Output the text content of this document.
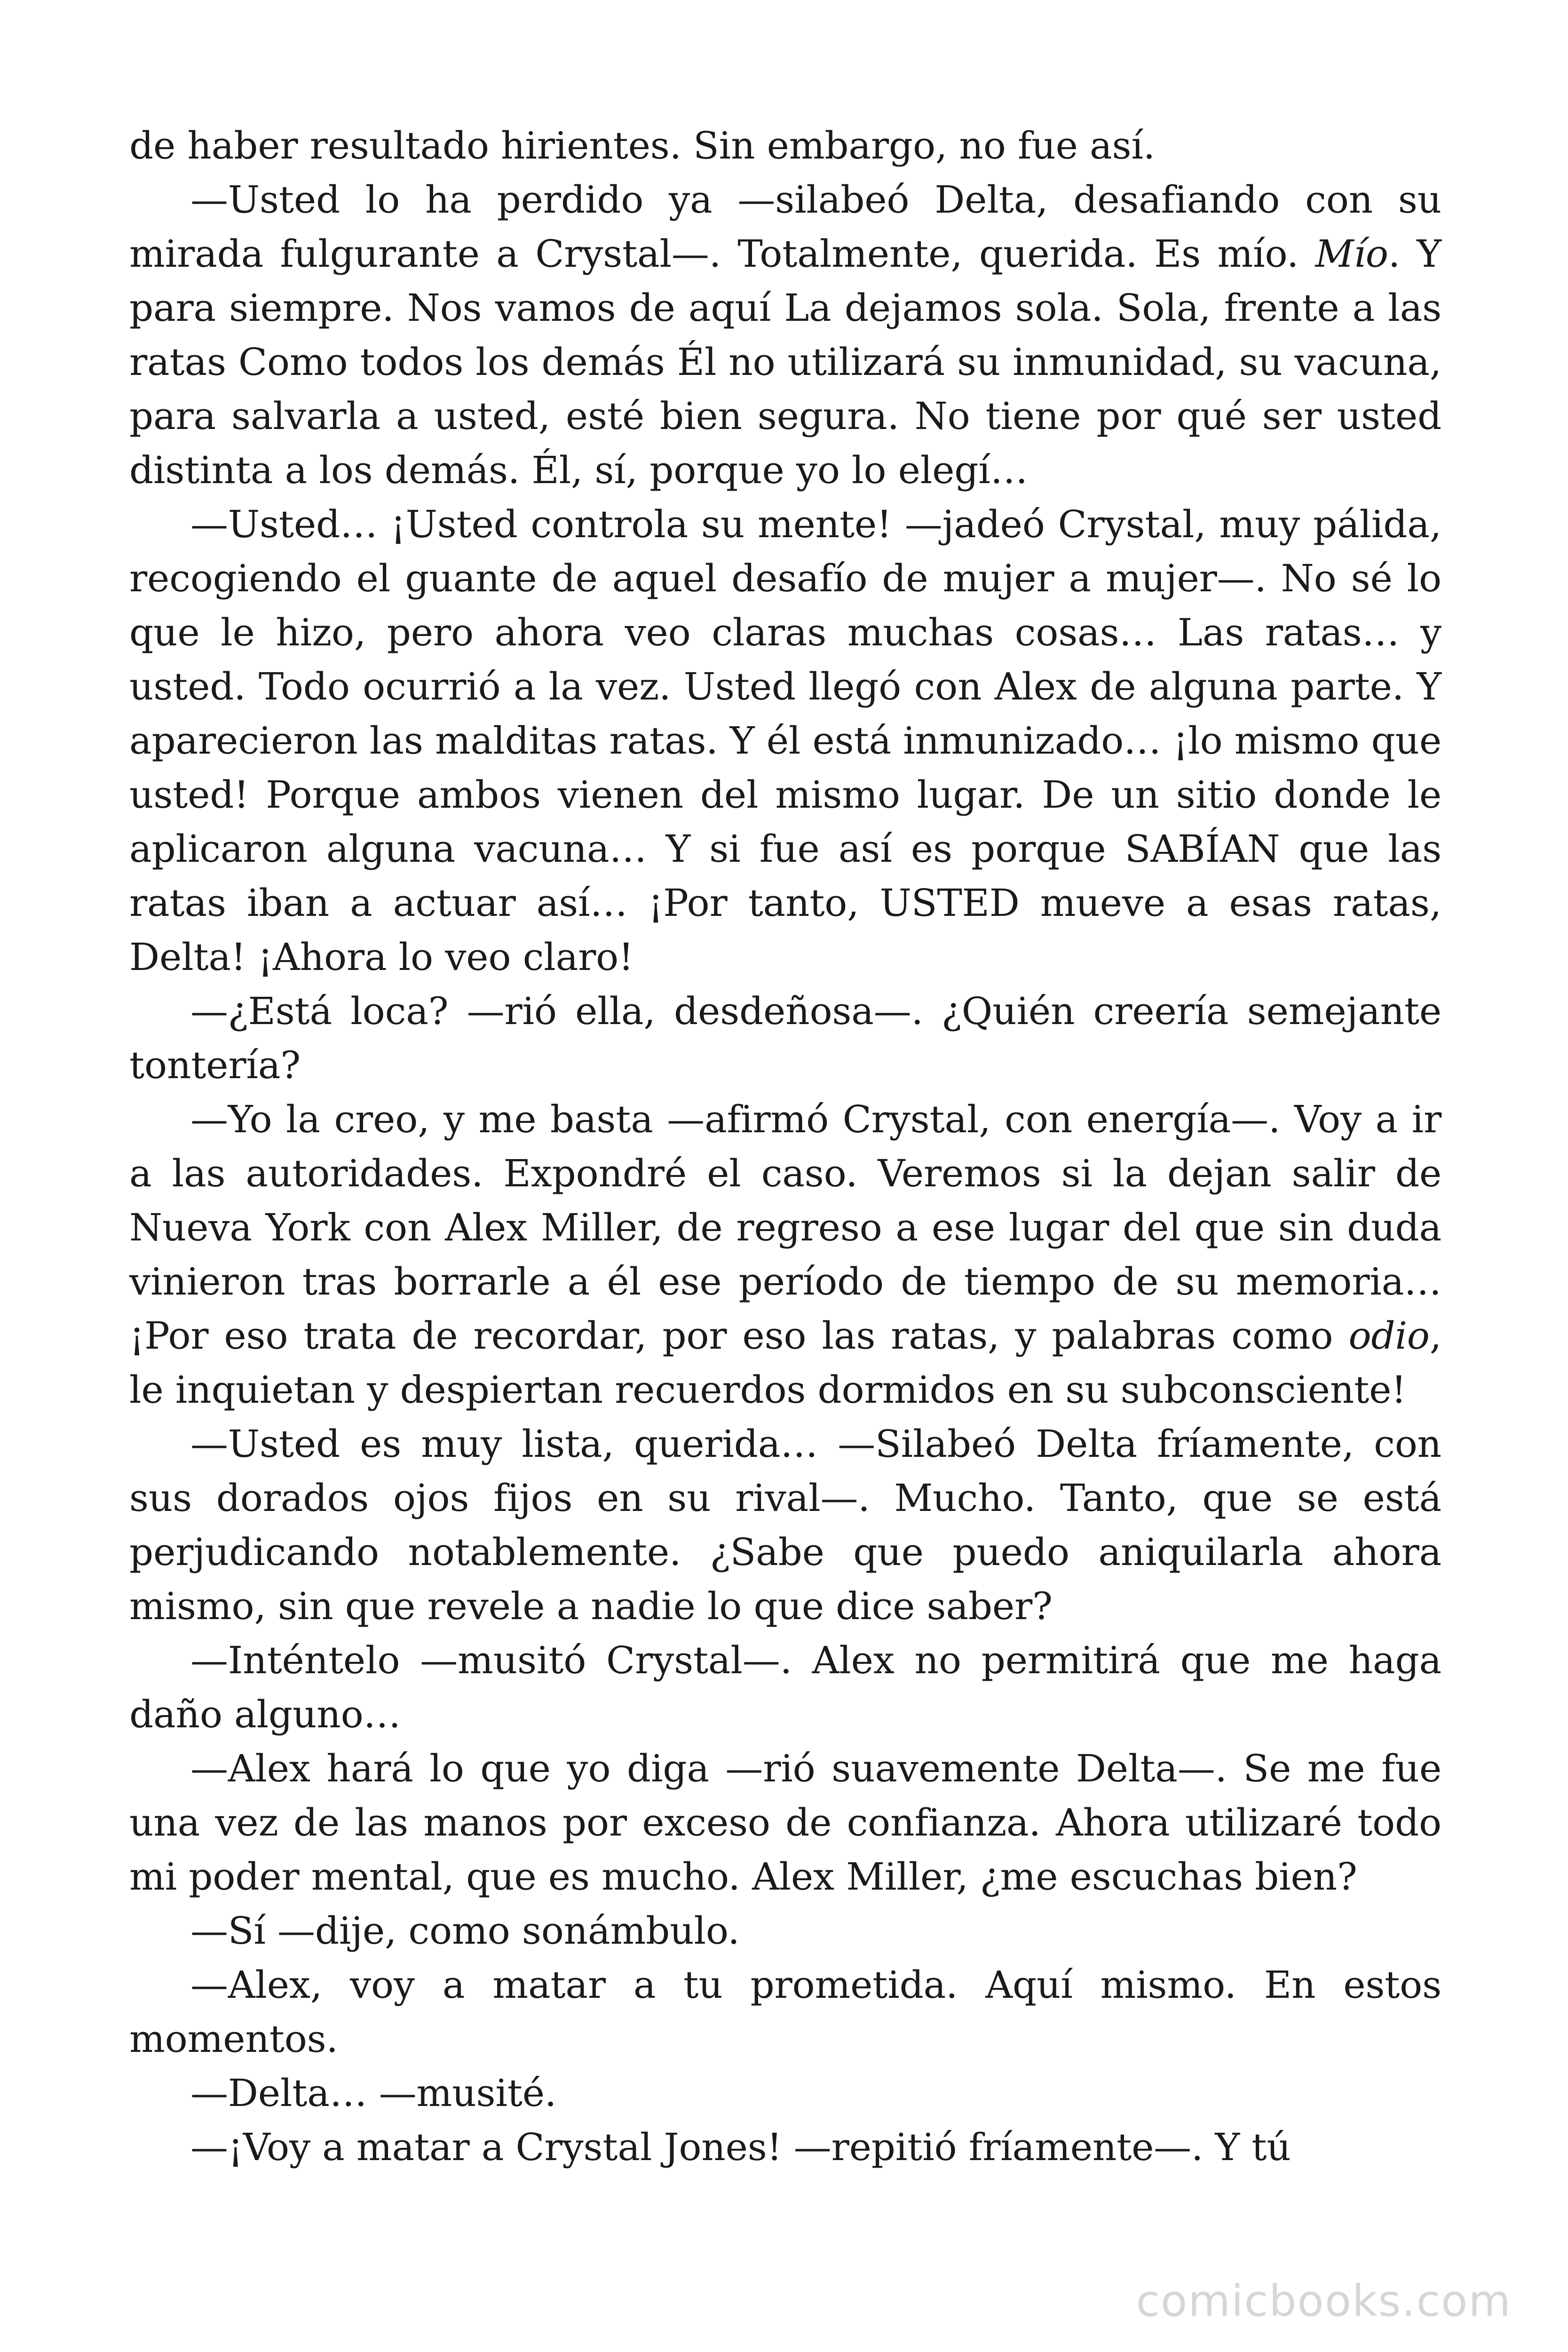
de haber resultado hirientes. Sin embargo, no fue así.

—Usted lo ha perdido ya —silabeó Delta, desafiando con su mirada fulgurante a Crystal—. Totalmente, querida. Es mío. Mío. Y para siempre. Nos vamos de aquí La dejamos sola. Sola, frente a las ratas Como todos los demás Él no utilizará su inmunidad, su vacuna, para salvarla a usted, esté bien segura. No tiene por qué ser usted distinta a los demás. Él, sí, porque yo lo elegí…

—Usted… ¡Usted controla su mente! —jadeó Crystal, muy pálida, recogiendo el guante de aquel desafío de mujer a mujer—. No sé lo que le hizo, pero ahora veo claras muchas cosas… Las ratas… y usted. Todo ocurrió a la vez. Usted llegó con Alex de alguna parte. Y aparecieron las malditas ratas. Y él está inmunizado… ¡lo mismo que usted! Porque ambos vienen del mismo lugar. De un sitio donde le aplicaron alguna vacuna… Y si fue así es porque SABÍAN que las ratas iban a actuar así… ¡Por tanto, USTED mueve a esas ratas, Delta! ¡Ahora lo veo claro!

—¿Está loca? —rió ella, desdeñosa—. ¿Quién creería semejante tontería?

—Yo la creo, y me basta —afirmó Crystal, con energía—. Voy a ir a las autoridades. Expondré el caso. Veremos si la dejan salir de Nueva York con Alex Miller, de regreso a ese lugar del que sin duda vinieron tras borrarle a él ese período de tiempo de su memoria… ¡Por eso trata de recordar, por eso las ratas, y palabras como odio, le inquietan y despiertan recuerdos dormidos en su subconsciente!

—Usted es muy lista, querida… —Silabeó Delta fríamente, con sus dorados ojos fijos en su rival—. Mucho. Tanto, que se está perjudicando notablemente. ¿Sabe que puedo aniquilarla ahora mismo, sin que revele a nadie lo que dice saber?

—Inténtelo —musitó Crystal—. Alex no permitirá que me haga daño alguno…

—Alex hará lo que yo diga —rió suavemente Delta—. Se me fue una vez de las manos por exceso de confianza. Ahora utilizaré todo mi poder mental, que es mucho. Alex Miller, ¿me escuchas bien?

—Sí —dije, como sonámbulo.

—Alex, voy a matar a tu prometida. Aquí mismo. En estos momentos.

—Delta… —musité.

—¡Voy a matar a Crystal Jones! —repitió fríamente—. Y tú

comicbooks.com
